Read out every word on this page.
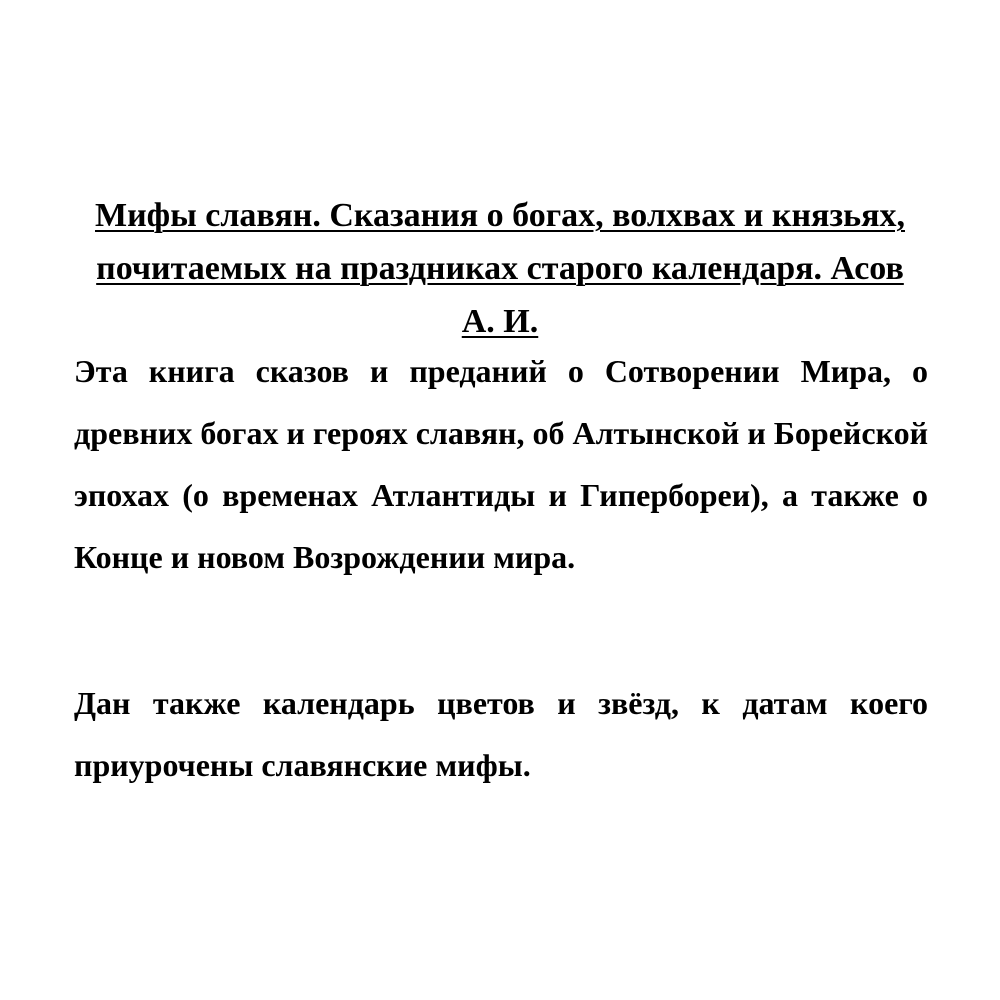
Мифы славян. Сказания о богах, волхвах и князьях, почитаемых на праздниках старого календаря. Асов А. И.

Эта книга сказов и преданий о Сотворении Мира, о древних богах и героях славян, об Алтынской и Борейской эпохах (о временах Атлантиды и Гипербореи), а также о Конце и новом Возрождении мира.

Дан также календарь цветов и звёзд, к датам коего приурочены славянские мифы.
